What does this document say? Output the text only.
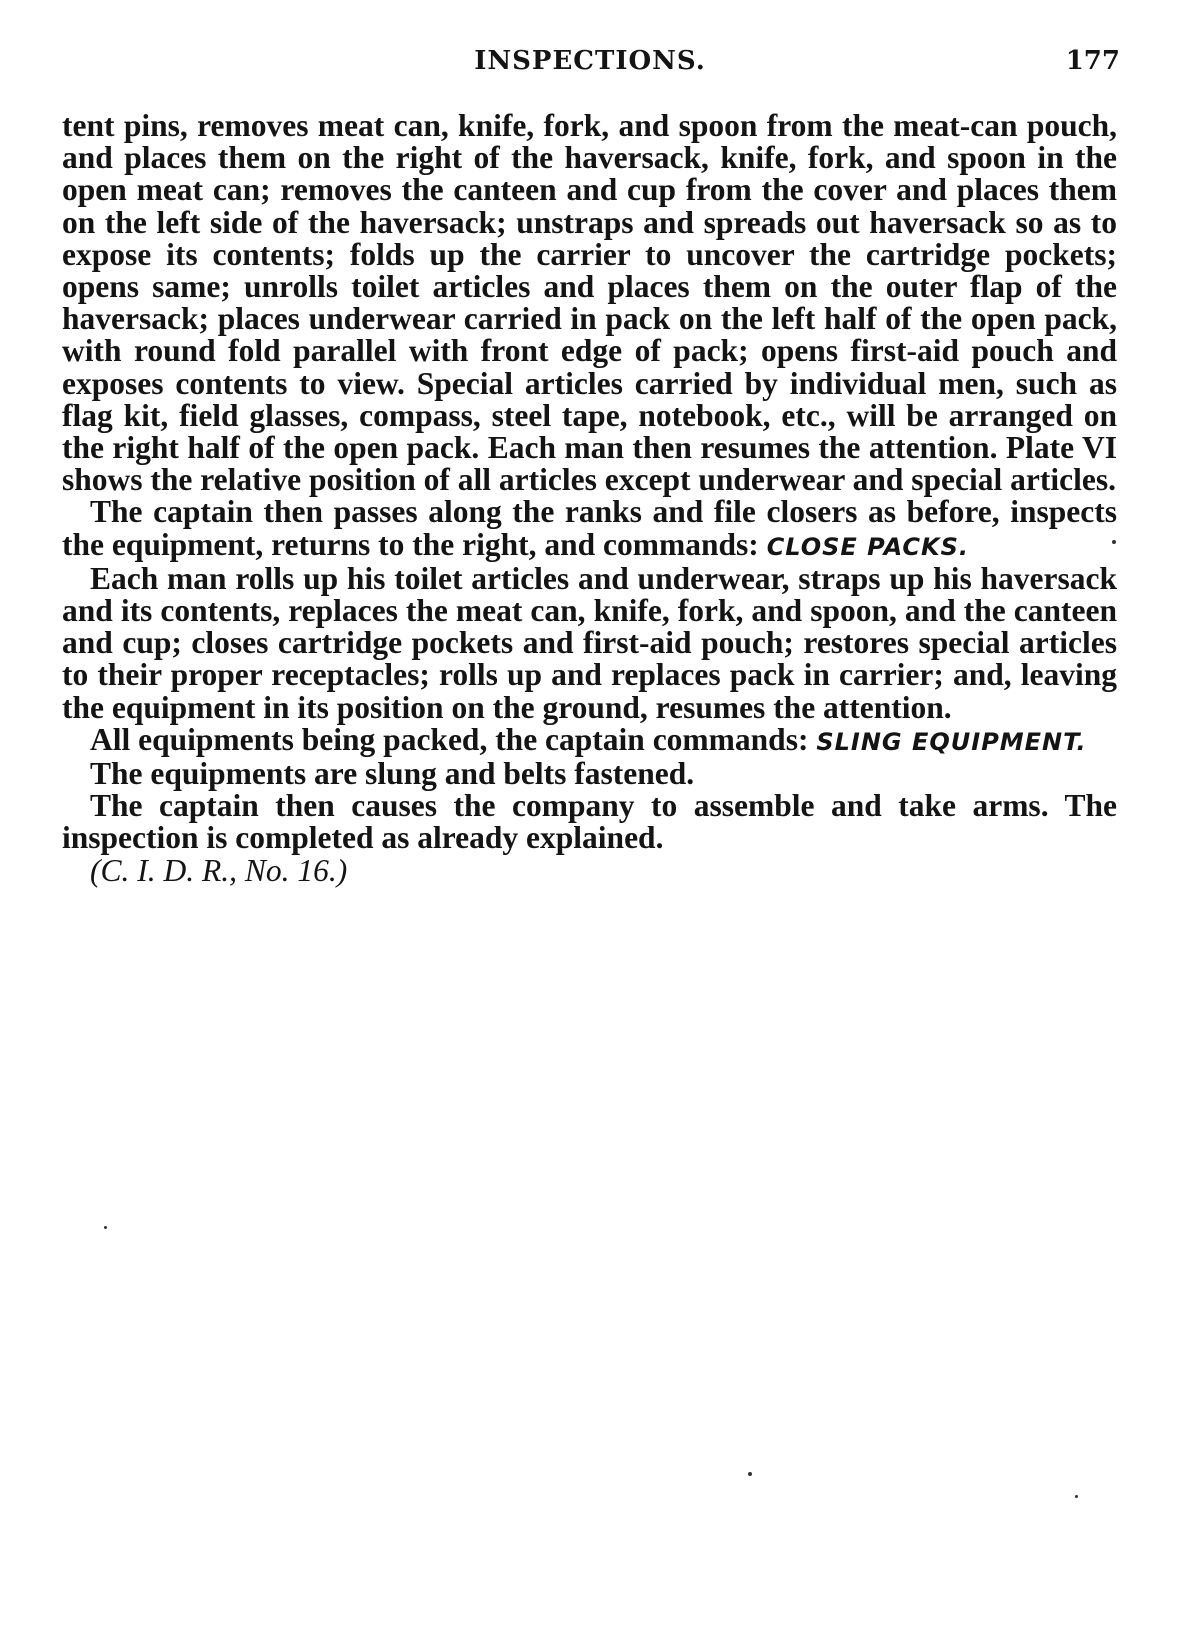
INSPECTIONS.	177

tent pins, removes meat can, knife, fork, and spoon from the meat-can pouch, and places them on the right of the haversack, knife, fork, and spoon in the open meat can; removes the canteen and cup from the cover and places them on the left side of the haversack; unstraps and spreads out haversack so as to expose its contents; folds up the carrier to uncover the cartridge pockets; opens same; unrolls toilet articles and places them on the outer flap of the haversack; places underwear carried in pack on the left half of the open pack, with round fold parallel with front edge of pack; opens first-aid pouch and exposes contents to view. Special articles carried by individual men, such as flag kit, field glasses, compass, steel tape, notebook, etc., will be arranged on the right half of the open pack. Each man then resumes the attention. Plate VI shows the relative position of all articles except underwear and special articles.

The captain then passes along the ranks and file closers as before, inspects the equipment, returns to the right, and commands: CLOSE PACKS.

Each man rolls up his toilet articles and underwear, straps up his haversack and its contents, replaces the meat can, knife, fork, and spoon, and the canteen and cup; closes cartridge pockets and first-aid pouch; restores special articles to their proper receptacles; rolls up and replaces pack in carrier; and, leaving the equipment in its position on the ground, resumes the attention.

All equipments being packed, the captain commands: SLING EQUIPMENT.

The equipments are slung and belts fastened.

The captain then causes the company to assemble and take arms. The inspection is completed as already explained.

(C. I. D. R., No. 16.)
